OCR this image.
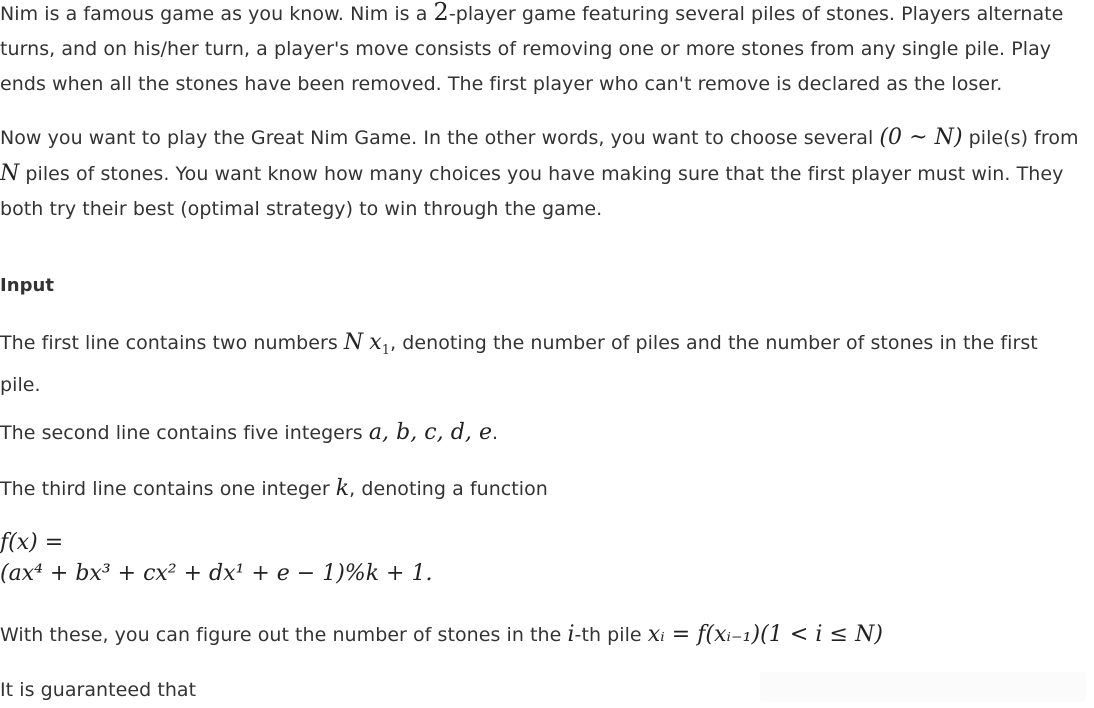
Nim is a famous game as you know. Nim is a 2-player game featuring several piles of stones. Players alternate turns, and on his/her turn, a player's move consists of removing one or more stones from any single pile. Play ends when all the stones have been removed. The first player who can't remove is declared as the loser.

Now you want to play the Great Nim Game. In the other words, you want to choose several (0 ~ N) pile(s) from N piles of stones. You want know how many choices you have making sure that the first player must win. They both try their best (optimal strategy) to win through the game.

Input

The first line contains two numbers N $x_1$, denoting the number of piles and the number of stones in the first pile.

The second line contains five integers a, b, c, d, e.

The third line contains one integer k, denoting a function

f(x) =
(ax⁴ + bx³ + cx² + dx¹ + e − 1)%k + 1.

With these, you can figure out the number of stones in the i-th pile xᵢ = f(xᵢ₋₁)(1 < i ≤ N)

It is guaranteed that
